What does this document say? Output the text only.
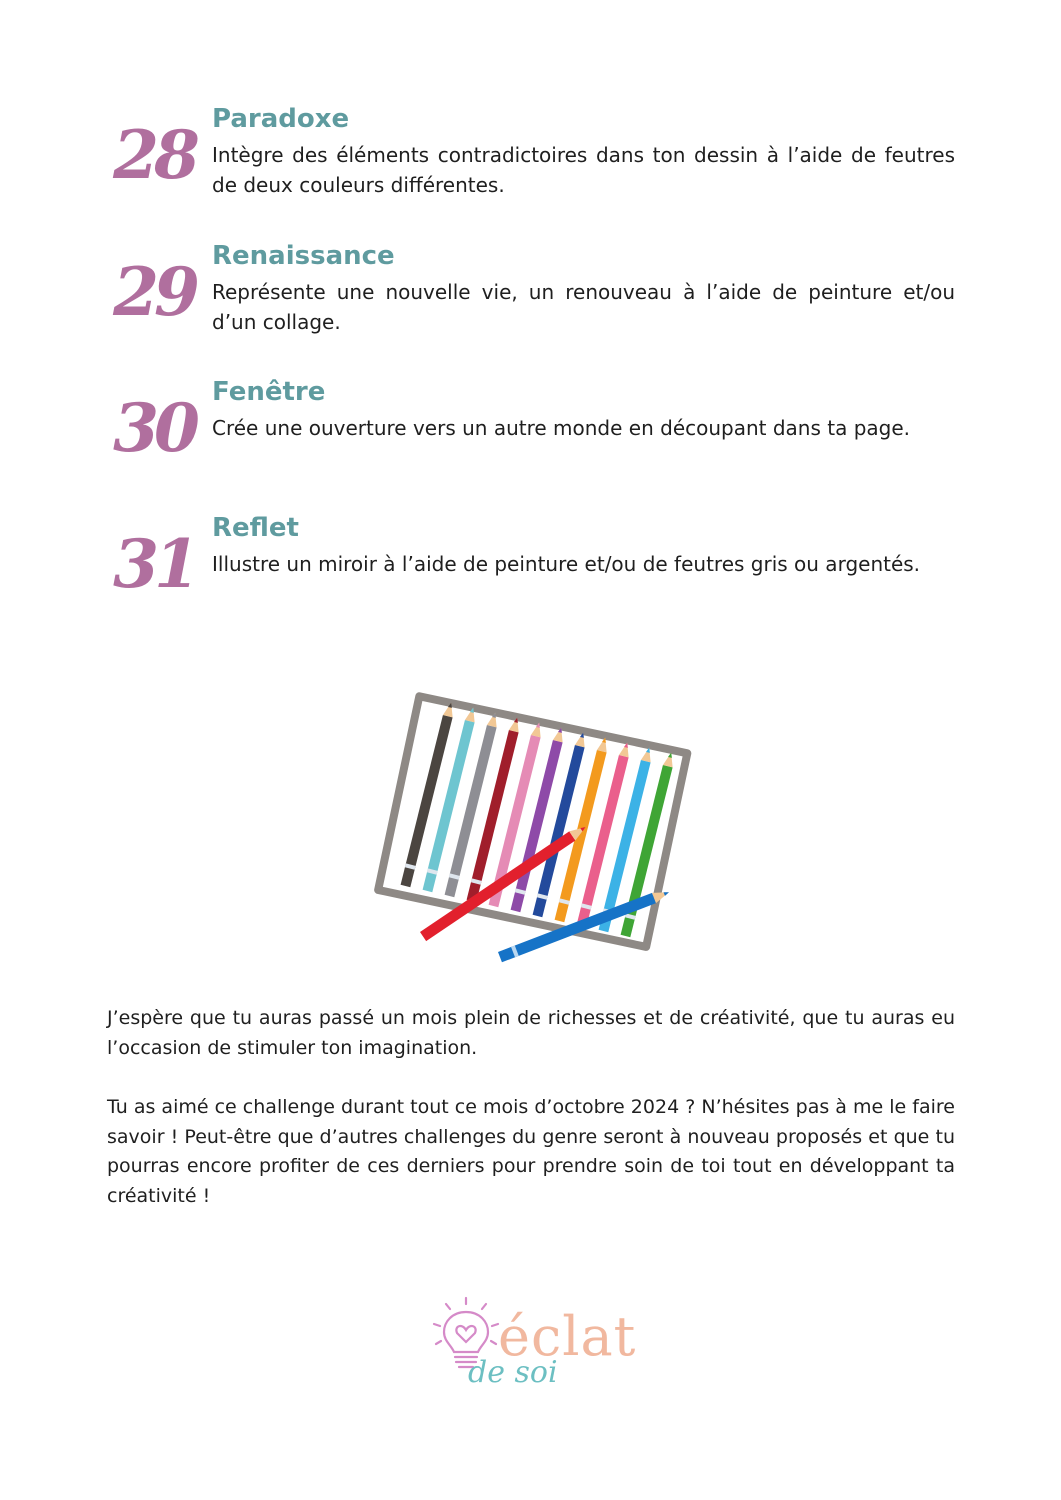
28 Paradoxe

Intègre des éléments contradictoires dans ton dessin à l’aide de feutres de deux couleurs différentes.

29 Renaissance

Représente une nouvelle vie, un renouveau à l’aide de peinture et/ou d’un collage.

30 Fenêtre

Crée une ouverture vers un autre monde en découpant dans ta page.

31 Reflet

Illustre un miroir à l’aide de peinture et/ou de feutres gris ou argentés.

J’espère que tu auras passé un mois plein de richesses et de créativité, que tu auras eu l’occasion de stimuler ton imagination.

Tu as aimé ce challenge durant tout ce mois d’octobre 2024 ? N’hésites pas à me le faire savoir ! Peut-être que d’autres challenges du genre seront à nouveau proposés et que tu pourras encore profiter de ces derniers pour prendre soin de toi tout en développant ta créativité !

éclat
de soi
